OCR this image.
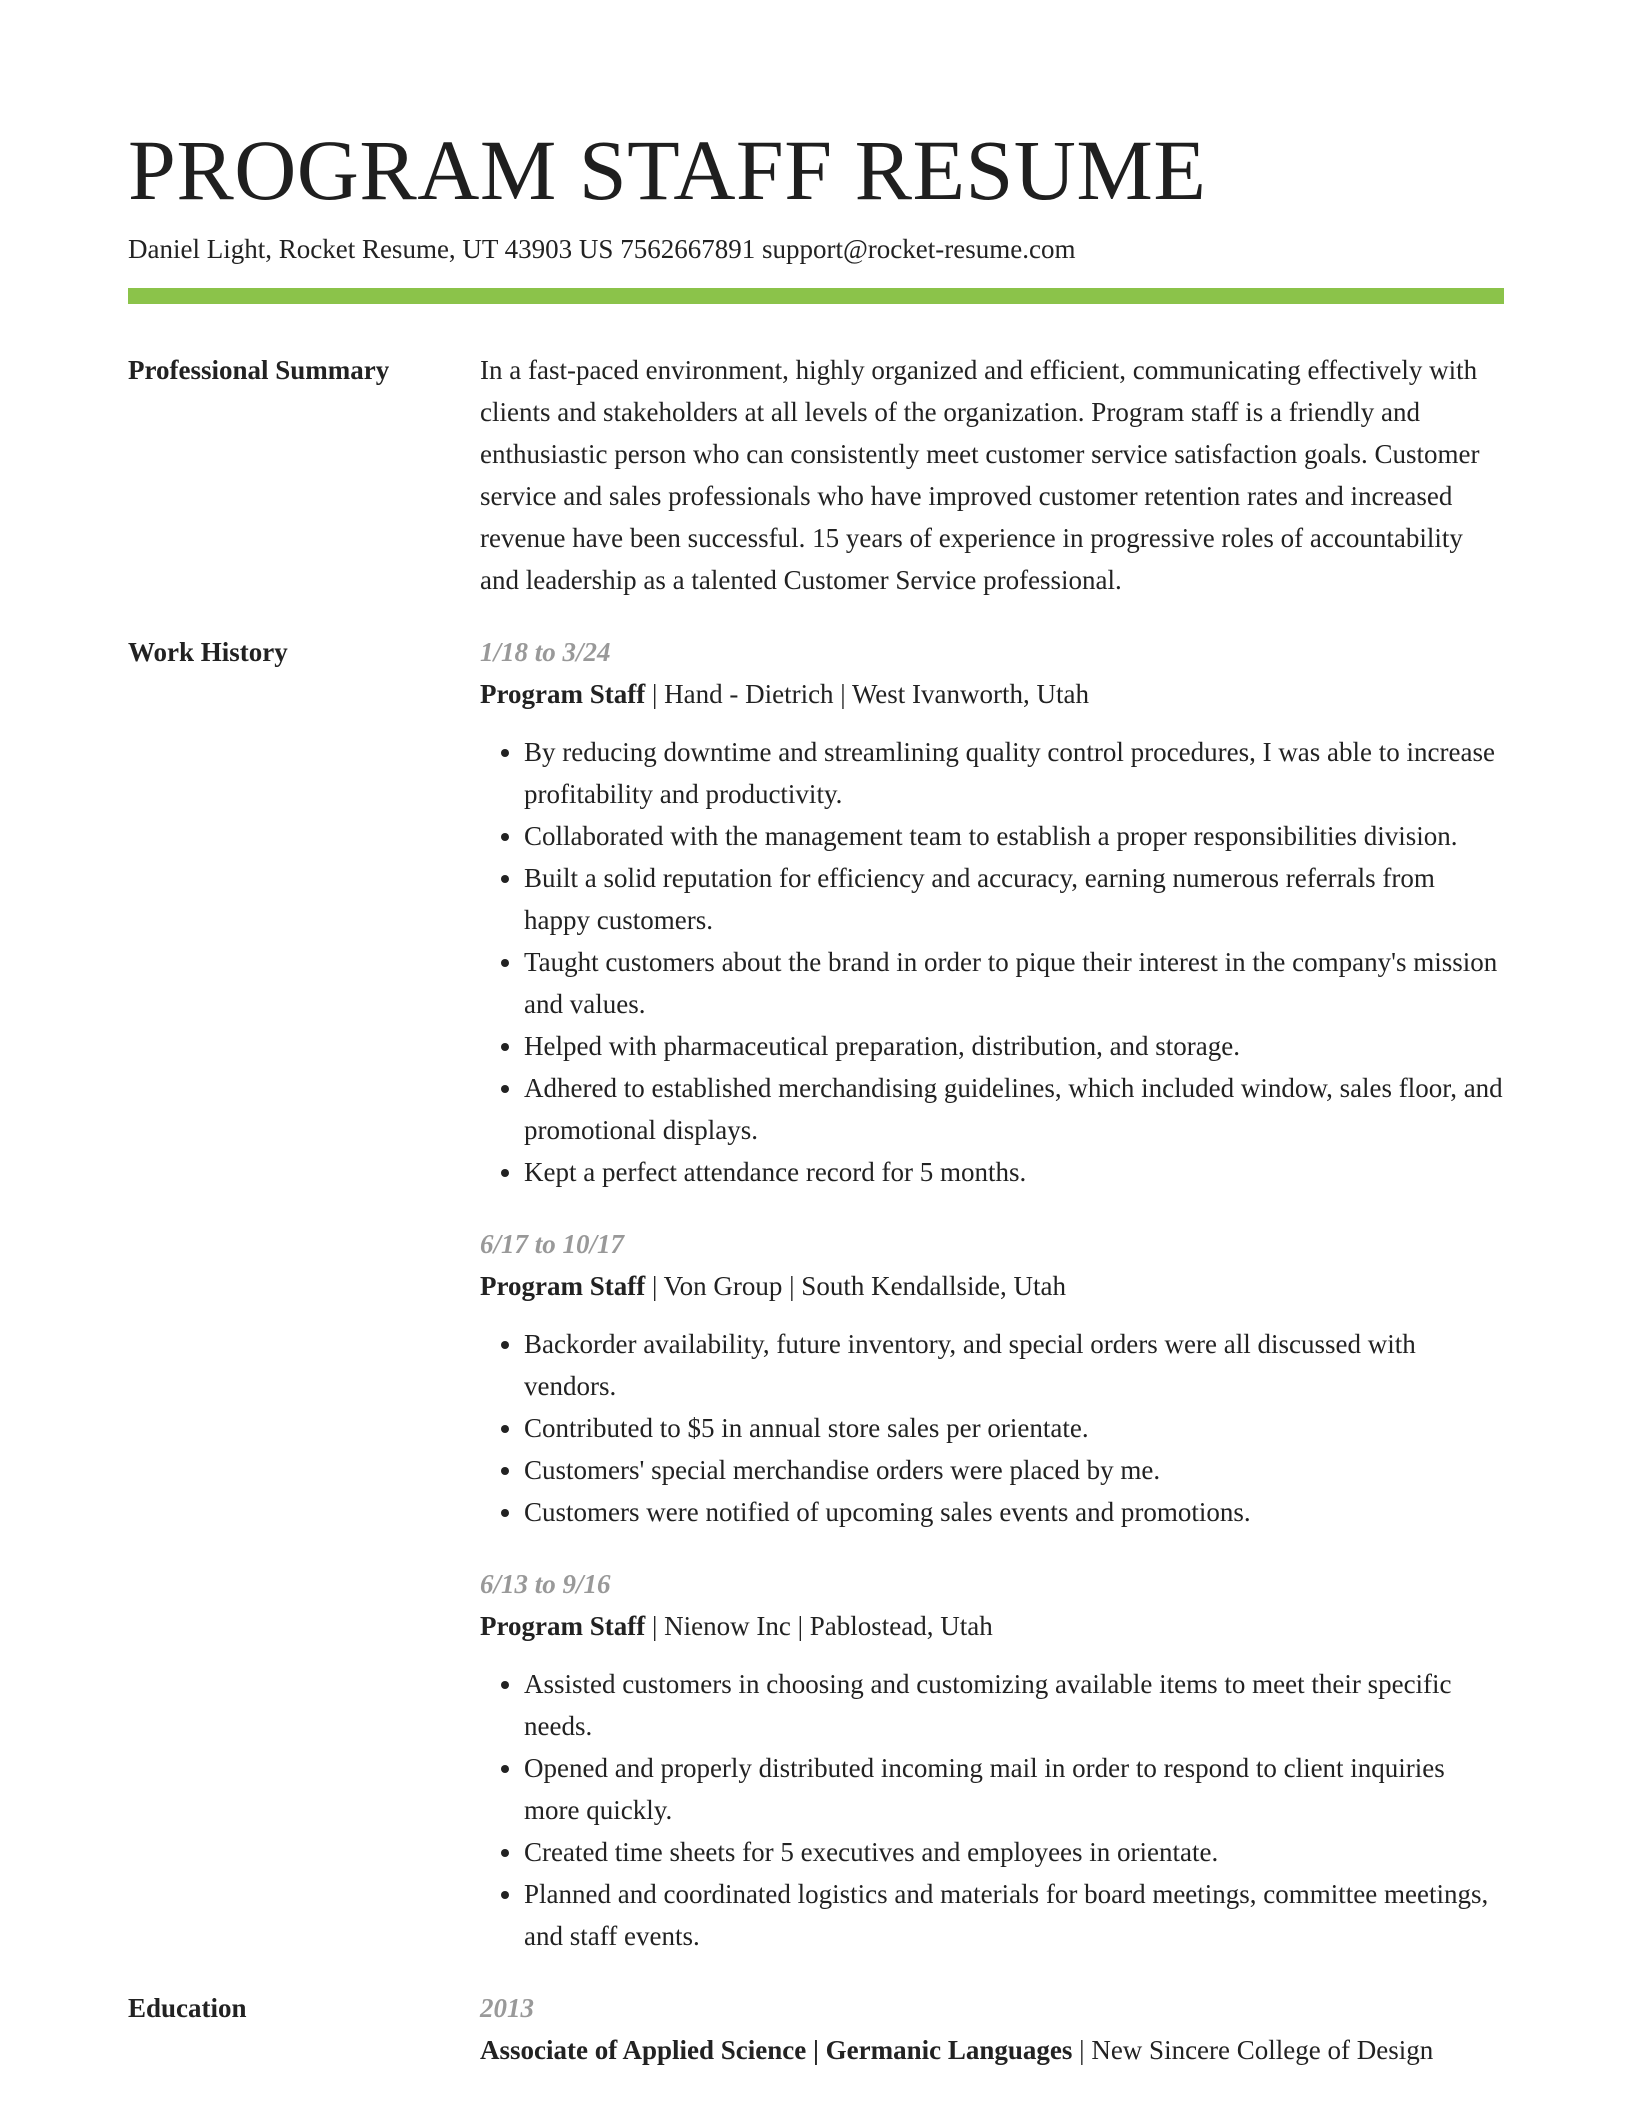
PROGRAM STAFF RESUME
Daniel Light, Rocket Resume, UT 43903 US 7562667891 support@rocket-resume.com
Professional Summary	In a fast-paced environment, highly organized and efficient, communicating effectively with clients and stakeholders at all levels of the organization. Program staff is a friendly and enthusiastic person who can consistently meet customer service satisfaction goals. Customer service and sales professionals who have improved customer retention rates and increased revenue have been successful. 15 years of experience in progressive roles of accountability and leadership as a talented Customer Service professional.

Work History	1/18 to 3/24
Program Staff | Hand - Dietrich | West Ivanworth, Utah
• By reducing downtime and streamlining quality control procedures, I was able to increase profitability and productivity.
• Collaborated with the management team to establish a proper responsibilities division.
• Built a solid reputation for efficiency and accuracy, earning numerous referrals from happy customers.
• Taught customers about the brand in order to pique their interest in the company's mission and values.
• Helped with pharmaceutical preparation, distribution, and storage.
• Adhered to established merchandising guidelines, which included window, sales floor, and promotional displays.
• Kept a perfect attendance record for 5 months.
6/17 to 10/17
Program Staff | Von Group | South Kendallside, Utah
• Backorder availability, future inventory, and special orders were all discussed with vendors.
• Contributed to $5 in annual store sales per orientate.
• Customers' special merchandise orders were placed by me.
• Customers were notified of upcoming sales events and promotions.
6/13 to 9/16
Program Staff | Nienow Inc | Pablostead, Utah
• Assisted customers in choosing and customizing available items to meet their specific needs.
• Opened and properly distributed incoming mail in order to respond to client inquiries more quickly.
• Created time sheets for 5 executives and employees in orientate.
• Planned and coordinated logistics and materials for board meetings, committee meetings, and staff events.
Education	2013
Associate of Applied Science | Germanic Languages | New Sincere College of Design
